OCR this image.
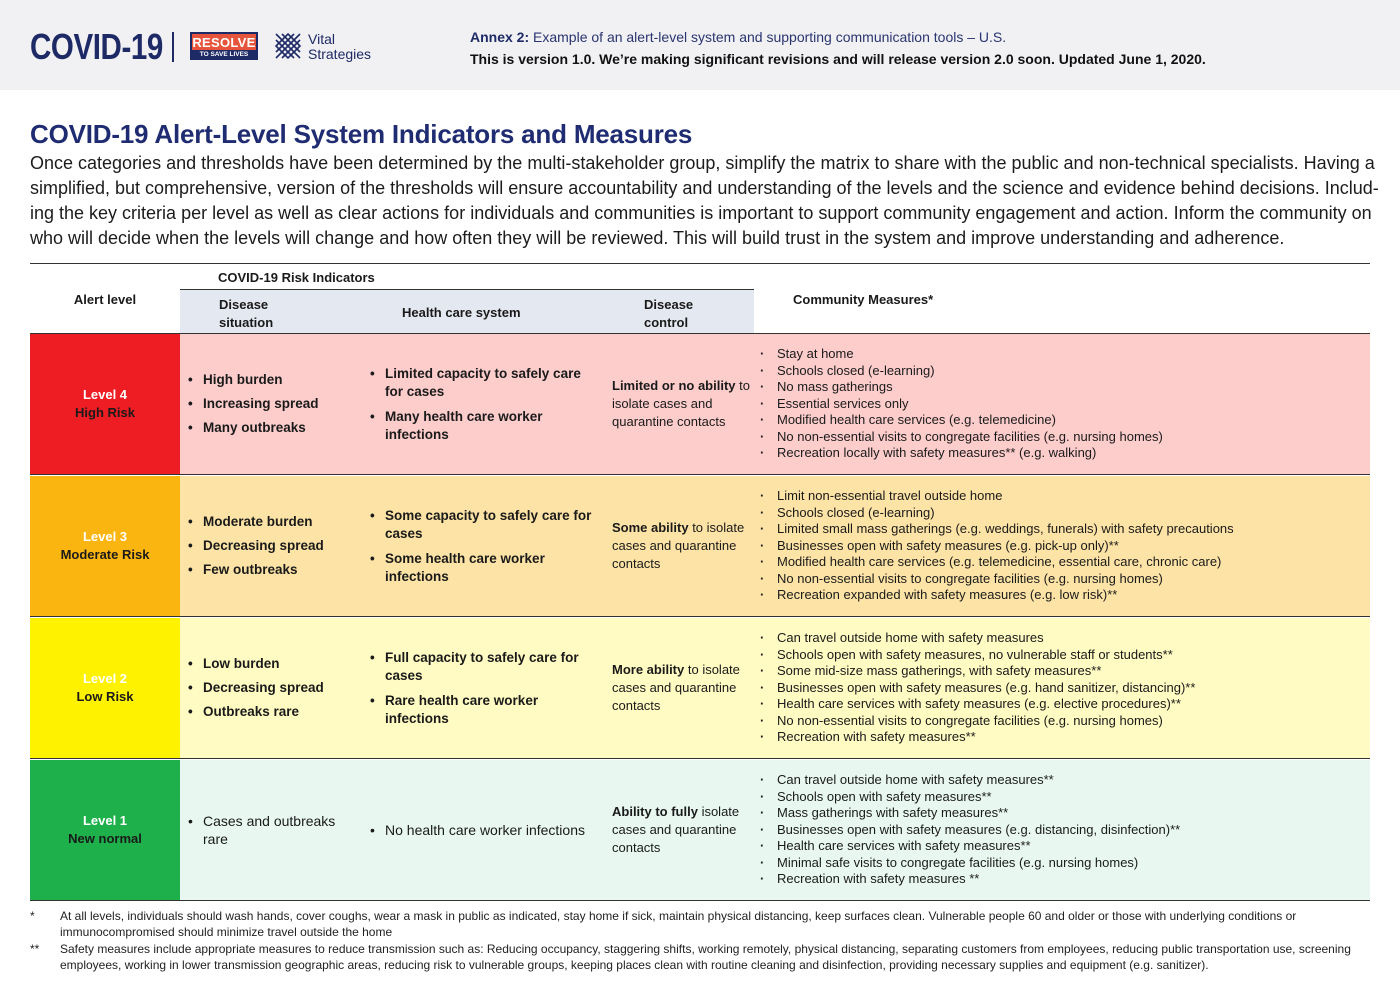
COVID-19 RESOLVE
TO SAVE LIVES
Vital
Strategies
Annex 2: Example of an alert-level system and supporting communication tools – U.S.
This is version 1.0. We’re making significant revisions and will release version 2.0 soon. Updated June 1, 2020.
COVID-19 Alert-Level System Indicators and Measures
Once categories and thresholds have been determined by the multi-stakeholder group, simplify the matrix to share with the public and non-technical specialists. Having a
simplified, but comprehensive, version of the thresholds will ensure accountability and understanding of the levels and the science and evidence behind decisions. Includ-
ing the key criteria per level as well as clear actions for individuals and communities is important to support community engagement and action. Inform the community on
who will decide when the levels will change and how often they will be reviewed. This will build trust in the system and improve understanding and adherence.
Alert level
COVID-19 Risk Indicators
Disease
situation
Health care system
Disease
control
Community Measures*
Level 4
High Risk
• High burden
• Increasing spread
• Many outbreaks
• Limited capacity to safely care for cases
• Many health care worker infections
Limited or no ability to isolate cases and quarantine contacts
· Stay at home
· Schools closed (e-learning)
· No mass gatherings
· Essential services only
· Modified health care services (e.g. telemedicine)
· No non-essential visits to congregate facilities (e.g. nursing homes)
· Recreation locally with safety measures** (e.g. walking)
Level 3
Moderate Risk
• Moderate burden
• Decreasing spread
• Few outbreaks
• Some capacity to safely care for cases
• Some health care worker infections
Some ability to isolate cases and quarantine contacts
· Limit non-essential travel outside home
· Schools closed (e-learning)
· Limited small mass gatherings (e.g. weddings, funerals) with safety precautions
· Businesses open with safety measures (e.g. pick-up only)**
· Modified health care services (e.g. telemedicine, essential care, chronic care)
· No non-essential visits to congregate facilities (e.g. nursing homes)
· Recreation expanded with safety measures (e.g. low risk)**
Level 2
Low Risk
• Low burden
• Decreasing spread
• Outbreaks rare
• Full capacity to safely care for cases
• Rare health care worker infections
More ability to isolate cases and quarantine contacts
· Can travel outside home with safety measures
· Schools open with safety measures, no vulnerable staff or students**
· Some mid-size mass gatherings, with safety measures**
· Businesses open with safety measures (e.g. hand sanitizer, distancing)**
· Health care services with safety measures (e.g. elective procedures)**
· No non-essential visits to congregate facilities (e.g. nursing homes)
· Recreation with safety measures**
Level 1
New normal
• Cases and outbreaks rare
• No health care worker infections
Ability to fully isolate cases and quarantine contacts
· Can travel outside home with safety measures**
· Schools open with safety measures**
· Mass gatherings with safety measures**
· Businesses open with safety measures (e.g. distancing, disinfection)**
· Health care services with safety measures**
· Minimal safe visits to congregate facilities (e.g. nursing homes)
· Recreation with safety measures **
* At all levels, individuals should wash hands, cover coughs, wear a mask in public as indicated, stay home if sick, maintain physical distancing, keep surfaces clean. Vulnerable people 60 and older or those with underlying conditions or immunocompromised should minimize travel outside the home
** Safety measures include appropriate measures to reduce transmission such as: Reducing occupancy, staggering shifts, working remotely, physical distancing, separating customers from employees, reducing public transportation use, screening employees, working in lower transmission geographic areas, reducing risk to vulnerable groups, keeping places clean with routine cleaning and disinfection, providing necessary supplies and equipment (e.g. sanitizer).
